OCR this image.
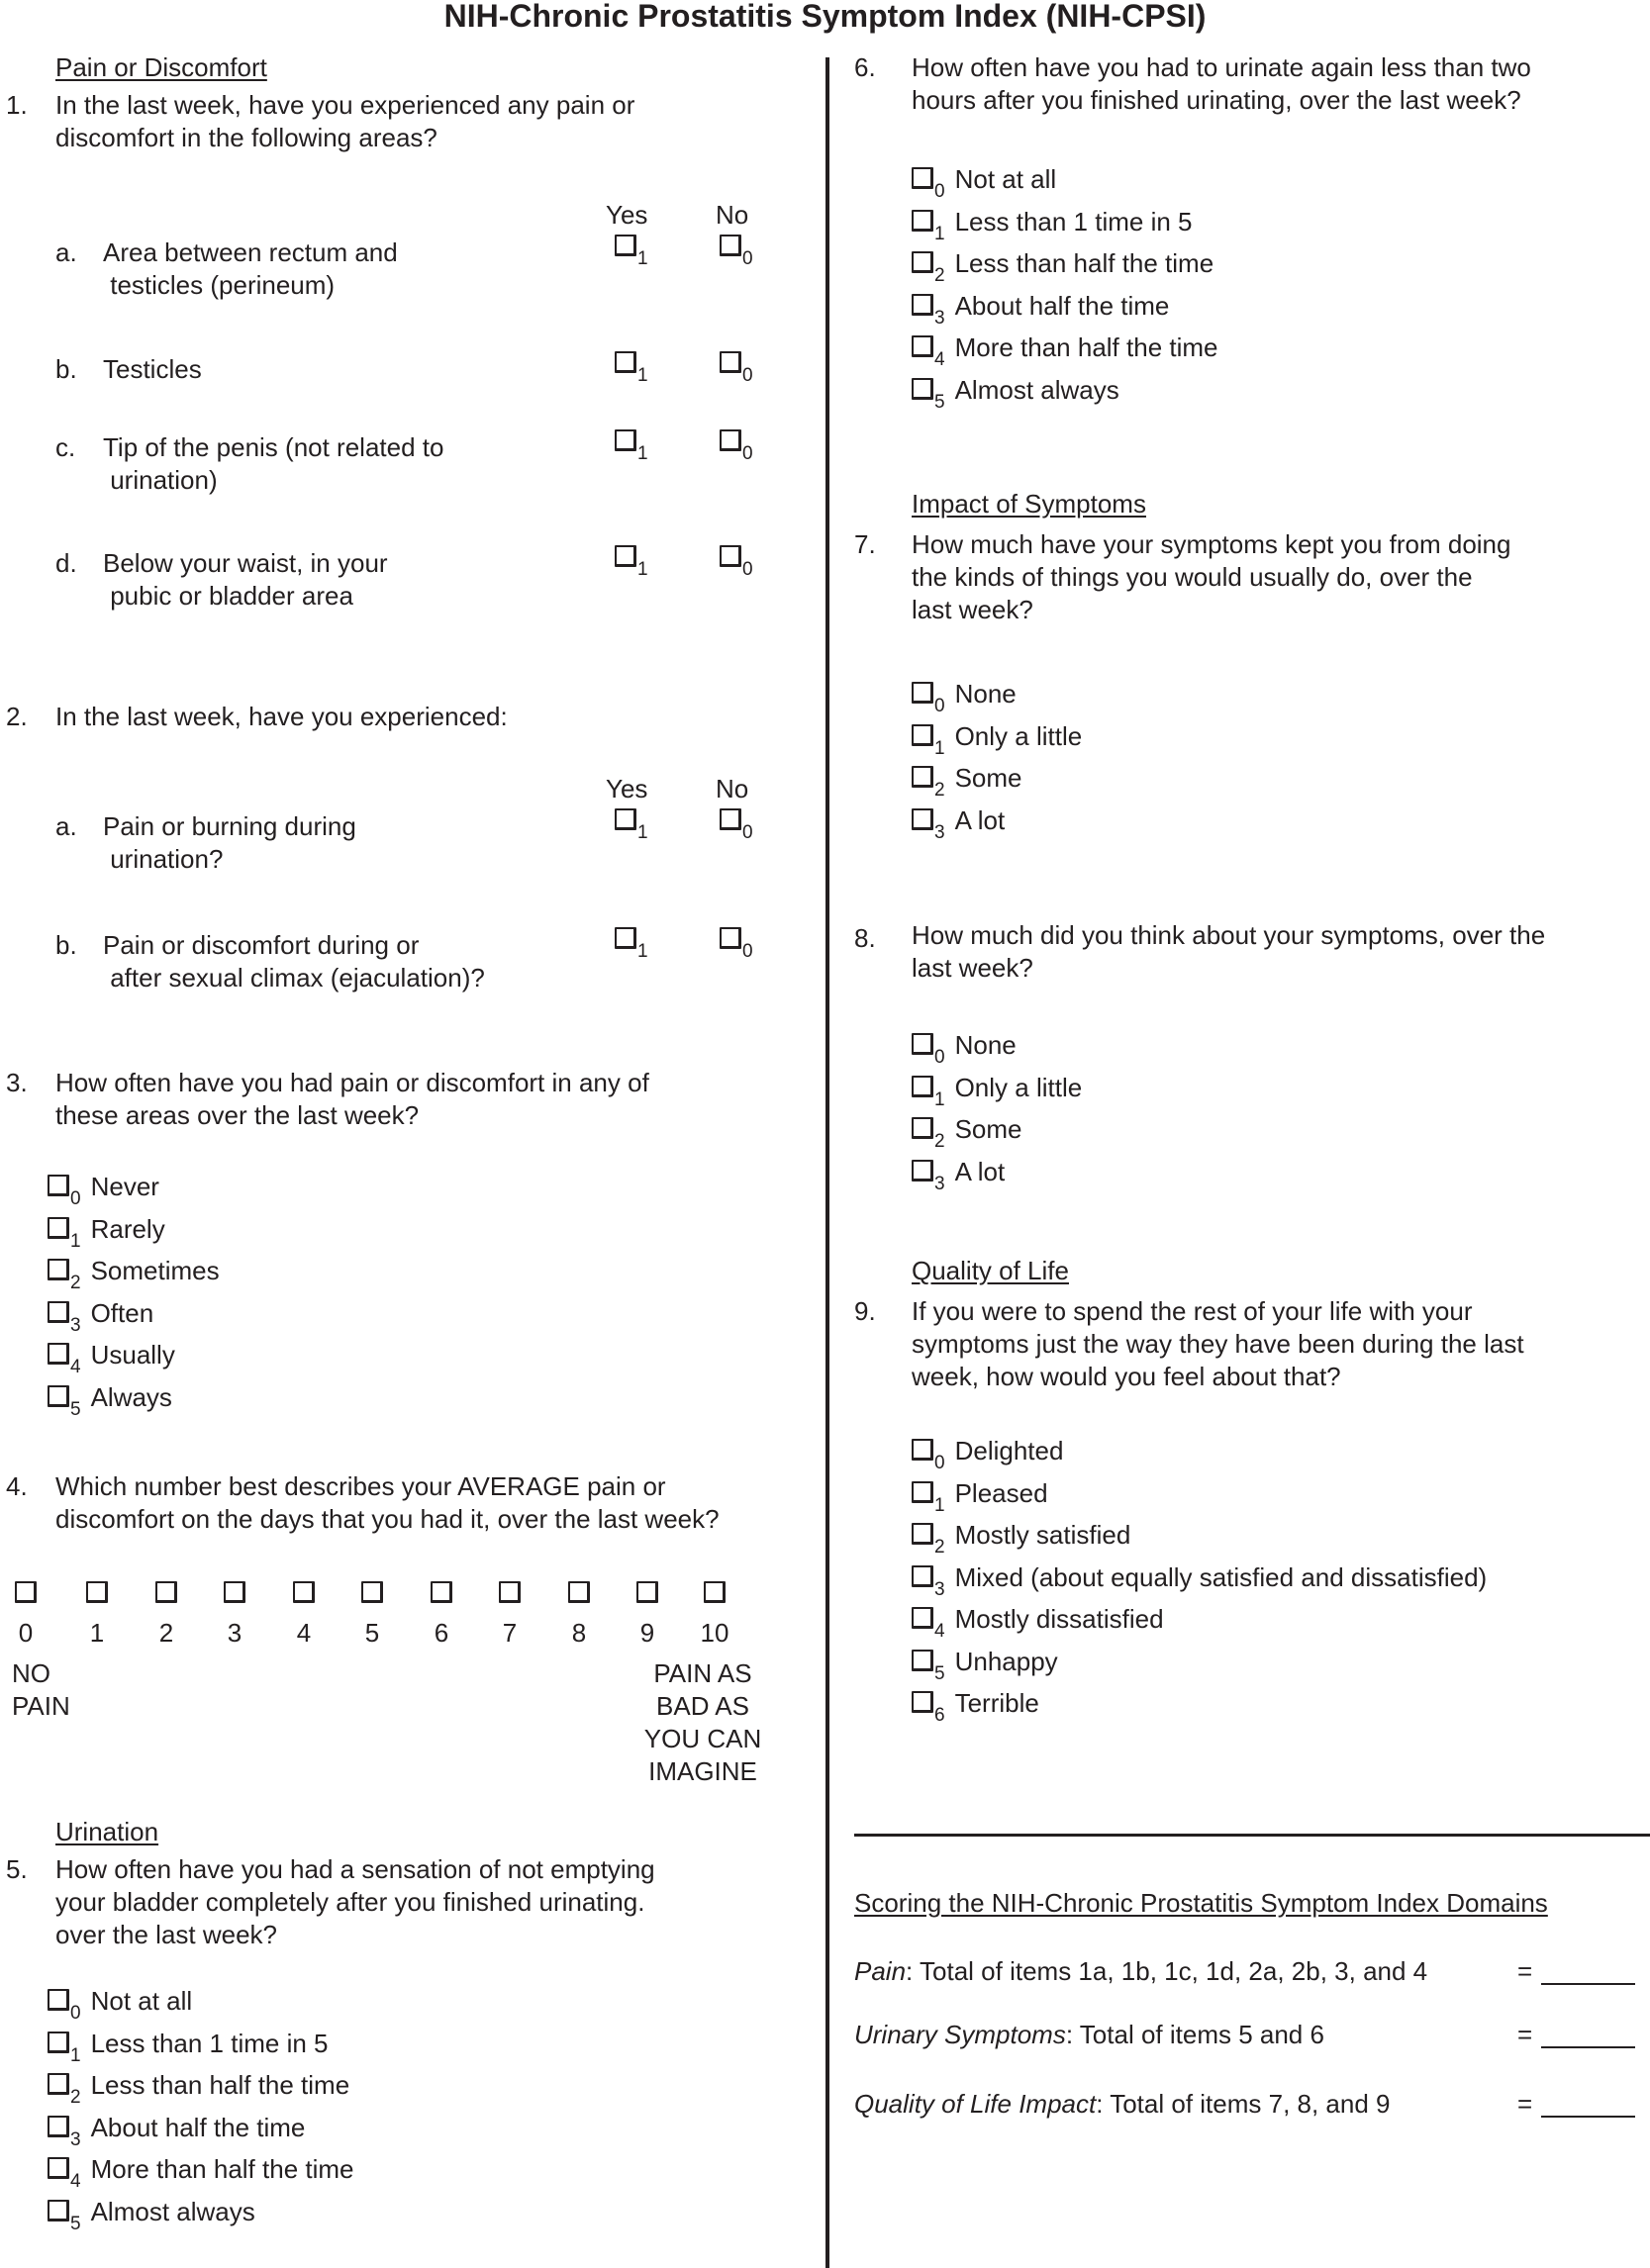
NIH-Chronic Prostatitis Symptom Index (NIH-CPSI)
Pain or Discomfort
1. In the last week, have you experienced any pain or
discomfort in the following areas?
Yes	No
a. Area between rectum and
testicles (perineum)
$_1$	$_0$
b. Testicles	$_1$	$_0$
c. Tip of the penis (not related to
urination)
$_1$	$_0$
d. Below your waist, in your
pubic or bladder area
$_1$	$_0$
2. In the last week, have you experienced:
Yes	No
a. Pain or burning during
urination?
$_1$	$_0$
b. Pain or discomfort during or
after sexual climax (ejaculation)?
$_1$	$_0$
3. How often have you had pain or discomfort in any of
these areas over the last week?
$_0$ Never
$_1$ Rarely
$_2$ Sometimes
$_3$ Often
$_4$ Usually
$_5$ Always
4. Which number best describes your AVERAGE pain or
discomfort on the days that you had it, over the last week?
0	1	2	3	4	5	6	7	8	9	10
NO
PAIN
PAIN AS
BAD AS
YOU CAN
IMAGINE
Urination
5. How often have you had a sensation of not emptying
your bladder completely after you finished urinating.
over the last week?
$_0$ Not at all
$_1$ Less than 1 time in 5
$_2$ Less than half the time
$_3$ About half the time
$_4$ More than half the time
$_5$ Almost always
6. How often have you had to urinate again less than two
hours after you finished urinating, over the last week?
$_0$ Not at all
$_1$ Less than 1 time in 5
$_2$ Less than half the time
$_3$ About half the time
$_4$ More than half the time
$_5$ Almost always
Impact of Symptoms
7. How much have your symptoms kept you from doing
the kinds of things you would usually do, over the
last week?
$_0$ None
$_1$ Only a little
$_2$ Some
$_3$ A lot
8. How much did you think about your symptoms, over the
last week?
$_0$ None
$_1$ Only a little
$_2$ Some
$_3$ A lot
Quality of Life
9. If you were to spend the rest of your life with your
symptoms just the way they have been during the last
week, how would you feel about that?
$_0$ Delighted
$_1$ Pleased
$_2$ Mostly satisfied
$_3$ Mixed (about equally satisfied and dissatisfied)
$_4$ Mostly dissatisfied
$_5$ Unhappy
$_6$ Terrible
Scoring the NIH-Chronic Prostatitis Symptom Index Domains
Pain: Total of items 1a, 1b, 1c, 1d, 2a, 2b, 3, and 4	=
Urinary Symptoms: Total of items 5 and 6	=
Quality of Life Impact: Total of items 7, 8, and 9	=
